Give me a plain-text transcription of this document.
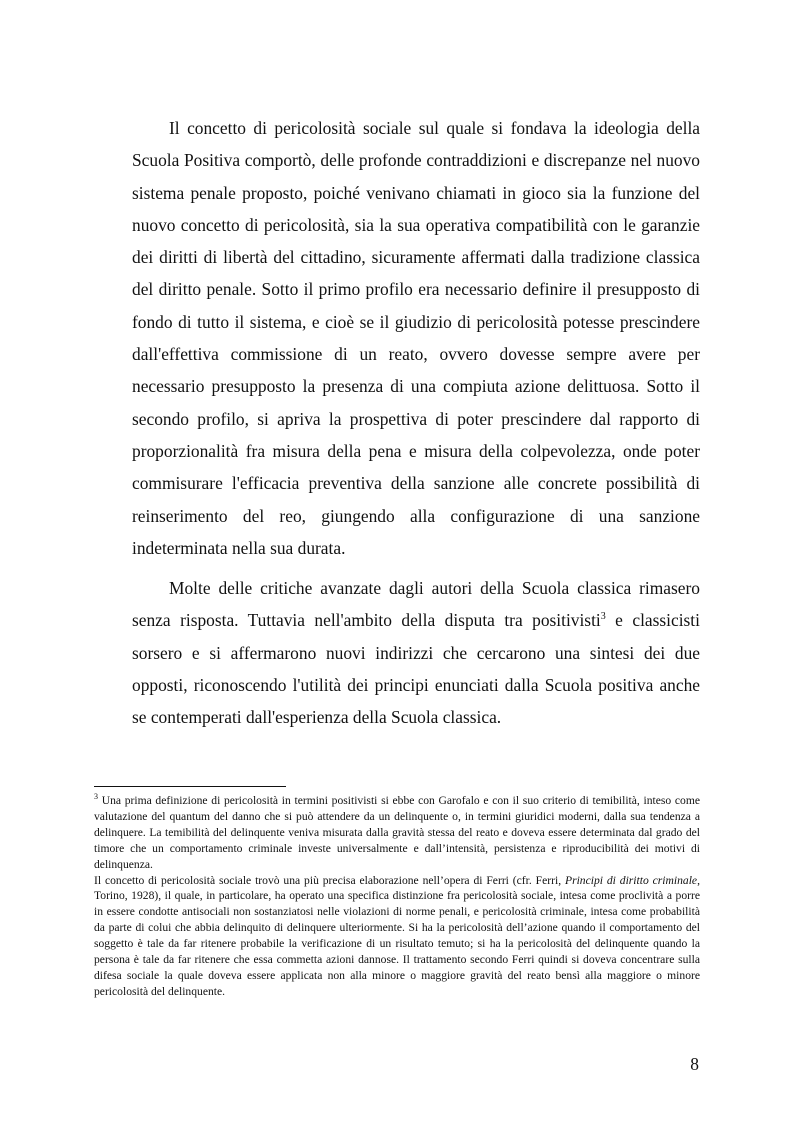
Il concetto di pericolosità sociale sul quale si fondava la ideologia della Scuola Positiva comportò, delle profonde contraddizioni e discrepanze nel nuovo sistema penale proposto, poiché venivano chiamati in gioco sia la funzione del nuovo concetto di pericolosità, sia la sua operativa compatibilità con le garanzie dei diritti di libertà del cittadino, sicuramente affermati dalla tradizione classica del diritto penale. Sotto il primo profilo era necessario definire il presupposto di fondo di tutto il sistema, e cioè se il giudizio di pericolosità potesse prescindere dall'effettiva commissione di un reato, ovvero dovesse sempre avere per necessario presupposto la presenza di una compiuta azione delittuosa. Sotto il secondo profilo, si apriva la prospettiva di poter prescindere dal rapporto di proporzionalità fra misura della pena e misura della colpevolezza, onde poter commisurare l'efficacia preventiva della sanzione alle concrete possibilità di reinserimento del reo, giungendo alla configurazione di una sanzione indeterminata nella sua durata.

Molte delle critiche avanzate dagli autori della Scuola classica rimasero senza risposta. Tuttavia nell'ambito della disputa tra positivisti$^3$ e classicisti sorsero e si affermarono nuovi indirizzi che cercarono una sintesi dei due opposti, riconoscendo l'utilità dei principi enunciati dalla Scuola positiva anche se contemperati dall'esperienza della Scuola classica.

$^3$ Una prima definizione di pericolosità in termini positivisti si ebbe con Garofalo e con il suo criterio di temibilità, inteso come valutazione del quantum del danno che si può attendere da un delinquente o, in termini giuridici moderni, dalla sua tendenza a delinquere. La temibilità del delinquente veniva misurata dalla gravità stessa del reato e doveva essere determinata dal grado del timore che un comportamento criminale investe universalmente e dall’intensità, persistenza e riproducibilità dei motivi di delinquenza.

Il concetto di pericolosità sociale trovò una più precisa elaborazione nell’opera di Ferri (cfr. Ferri, Principi di diritto criminale, Torino, 1928), il quale, in particolare, ha operato una specifica distinzione fra pericolosità sociale, intesa come proclività a porre in essere condotte antisociali non sostanziatosi nelle violazioni di norme penali, e pericolosità criminale, intesa come probabilità da parte di colui che abbia delinquito di delinquere ulteriormente. Si ha la pericolosità dell’azione quando il comportamento del soggetto è tale da far ritenere probabile la verificazione di un risultato temuto; si ha la pericolosità del delinquente quando la persona è tale da far ritenere che essa commetta azioni dannose. Il trattamento secondo Ferri quindi si doveva concentrare sulla difesa sociale la quale doveva essere applicata non alla minore o maggiore gravità del reato bensì alla maggiore o minore pericolosità del delinquente.

8
